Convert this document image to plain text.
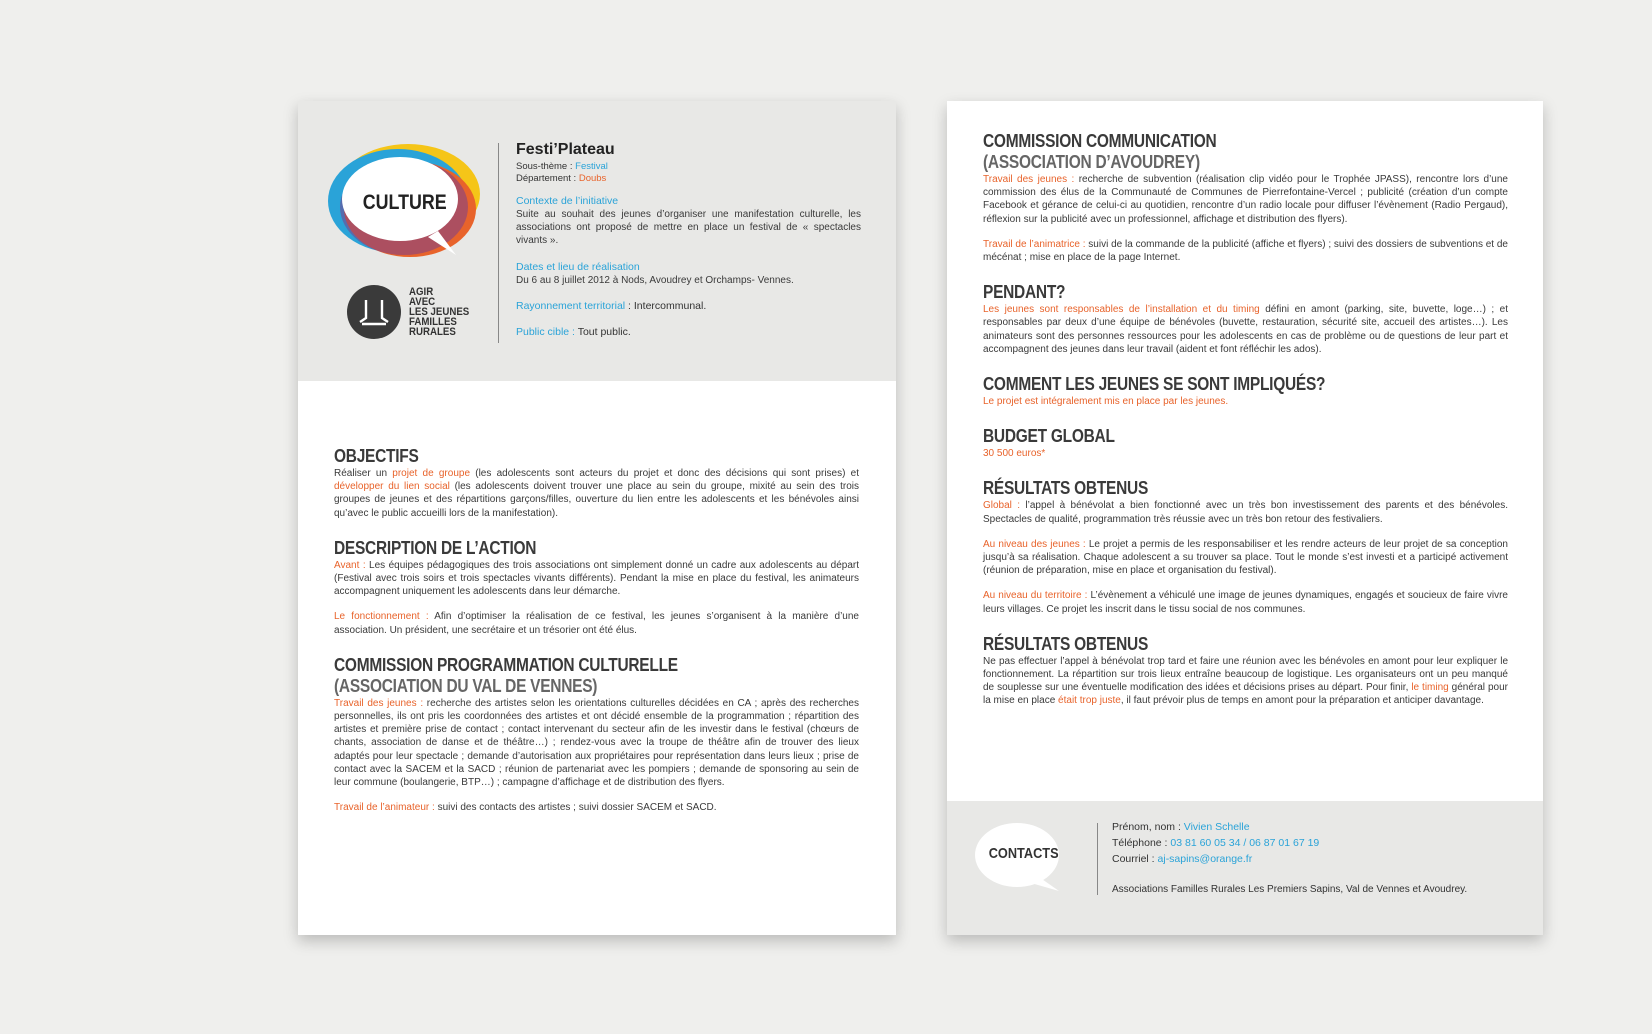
CULTURE
AGIR
AVEC
LES JEUNES
FAMILLES
RURALES
Festi’Plateau

Sous-thème : Festival

Département : Doubs

Contexte de l’initiative

Suite au souhait des jeunes d’organiser une manifestation culturelle, les associations ont proposé de mettre en place un festival de « spectacles vivants ».

Dates et lieu de réalisation

Du 6 au 8 juillet 2012 à Nods, Avoudrey et Orchamps- Vennes.

Rayonnement territorial : Intercommunal.

Public cible : Tout public.

OBJECTIFS

Réaliser un projet de groupe (les adolescents sont acteurs du projet et donc des décisions qui sont prises) et développer du lien social (les adolescents doivent trouver une place au sein du groupe, mixité au sein des trois groupes de jeunes et des répartitions garçons/filles, ouverture du lien entre les adolescents et les bénévoles ainsi qu’avec le public accueilli lors de la manifestation).

DESCRIPTION DE L’ACTION

Avant : Les équipes pédagogiques des trois associations ont simplement donné un cadre aux adolescents au départ (Festival avec trois soirs et trois spectacles vivants différents). Pendant la mise en place du festival, les animateurs accompagnent uniquement les adolescents dans leur démarche.

Le fonctionnement : Afin d’optimiser la réalisation de ce festival, les jeunes s’organisent à la manière d’une association. Un président, une secrétaire et un trésorier ont été élus.

COMMISSION PROGRAMMATION CULTURELLE
(ASSOCIATION DU VAL DE VENNES)

Travail des jeunes : recherche des artistes selon les orientations culturelles décidées en CA ; après des recherches personnelles, ils ont pris les coordonnées des artistes et ont décidé ensemble de la programmation ; répartition des artistes et première prise de contact ; contact intervenant du secteur afin de les investir dans le festival (chœurs de chants, association de danse et de théâtre…) ; rendez-vous avec la troupe de théâtre afin de trouver des lieux adaptés pour leur spectacle ; demande d’autorisation aux propriétaires pour représentation dans leurs lieux ; prise de contact avec la SACEM et la SACD ; réunion de partenariat avec les pompiers ; demande de sponsoring au sein de leur commune (boulangerie, BTP…) ; campagne d’affichage et de distribution des flyers.

Travail de l’animateur : suivi des contacts des artistes ; suivi dossier SACEM et SACD.

COMMISSION COMMUNICATION
(ASSOCIATION D’AVOUDREY)

Travail des jeunes : recherche de subvention (réalisation clip vidéo pour le Trophée JPASS), rencontre lors d’une commission des élus de la Communauté de Communes de Pierrefontaine-Vercel ; publicité (création d’un compte Facebook et gérance de celui-ci au quotidien, rencontre d’un radio locale pour diffuser l’évènement (Radio Pergaud), réflexion sur la publicité avec un professionnel, affichage et distribution des flyers).

Travail de l’animatrice : suivi de la commande de la publicité (affiche et flyers) ; suivi des dossiers de subventions et de mécénat ; mise en place de la page Internet.

PENDANT?

Les jeunes sont responsables de l’installation et du timing défini en amont (parking, site, buvette, loge…) ; et responsables par deux d’une équipe de bénévoles (buvette, restauration, sécurité site, accueil des artistes…). Les animateurs sont des personnes ressources pour les adolescents en cas de problème ou de questions de leur part et accompagnent des jeunes dans leur travail (aident et font réfléchir les ados).

COMMENT LES JEUNES SE SONT IMPLIQUÉS?

Le projet est intégralement mis en place par les jeunes.

BUDGET GLOBAL

30 500 euros*

RÉSULTATS OBTENUS

Global : l’appel à bénévolat a bien fonctionné avec un très bon investissement des parents et des bénévoles. Spectacles de qualité, programmation très réussie avec un très bon retour des festivaliers.

Au niveau des jeunes : Le projet a permis de les responsabiliser et les rendre acteurs de leur projet de sa conception jusqu’à sa réalisation. Chaque adolescent a su trouver sa place. Tout le monde s’est investi et a participé activement (réunion de préparation, mise en place et organisation du festival).

Au niveau du territoire : L’évènement a véhiculé une image de jeunes dynamiques, engagés et soucieux de faire vivre leurs villages. Ce projet les inscrit dans le tissu social de nos communes.

RÉSULTATS OBTENUS

Ne pas effectuer l’appel à bénévolat trop tard et faire une réunion avec les bénévoles en amont pour leur expliquer le fonctionnement. La répartition sur trois lieux entraîne beaucoup de logistique. Les organisateurs ont un peu manqué de souplesse sur une éventuelle modification des idées et décisions prises au départ. Pour finir, le timing général pour la mise en place était trop juste, il faut prévoir plus de temps en amont pour la préparation et anticiper davantage.

CONTACTS

Prénom, nom : Vivien Schelle

Téléphone : 03 81 60 05 34 / 06 87 01 67 19

Courriel : aj-sapins@orange.fr

Associations Familles Rurales Les Premiers Sapins, Val de Vennes et Avoudrey.
